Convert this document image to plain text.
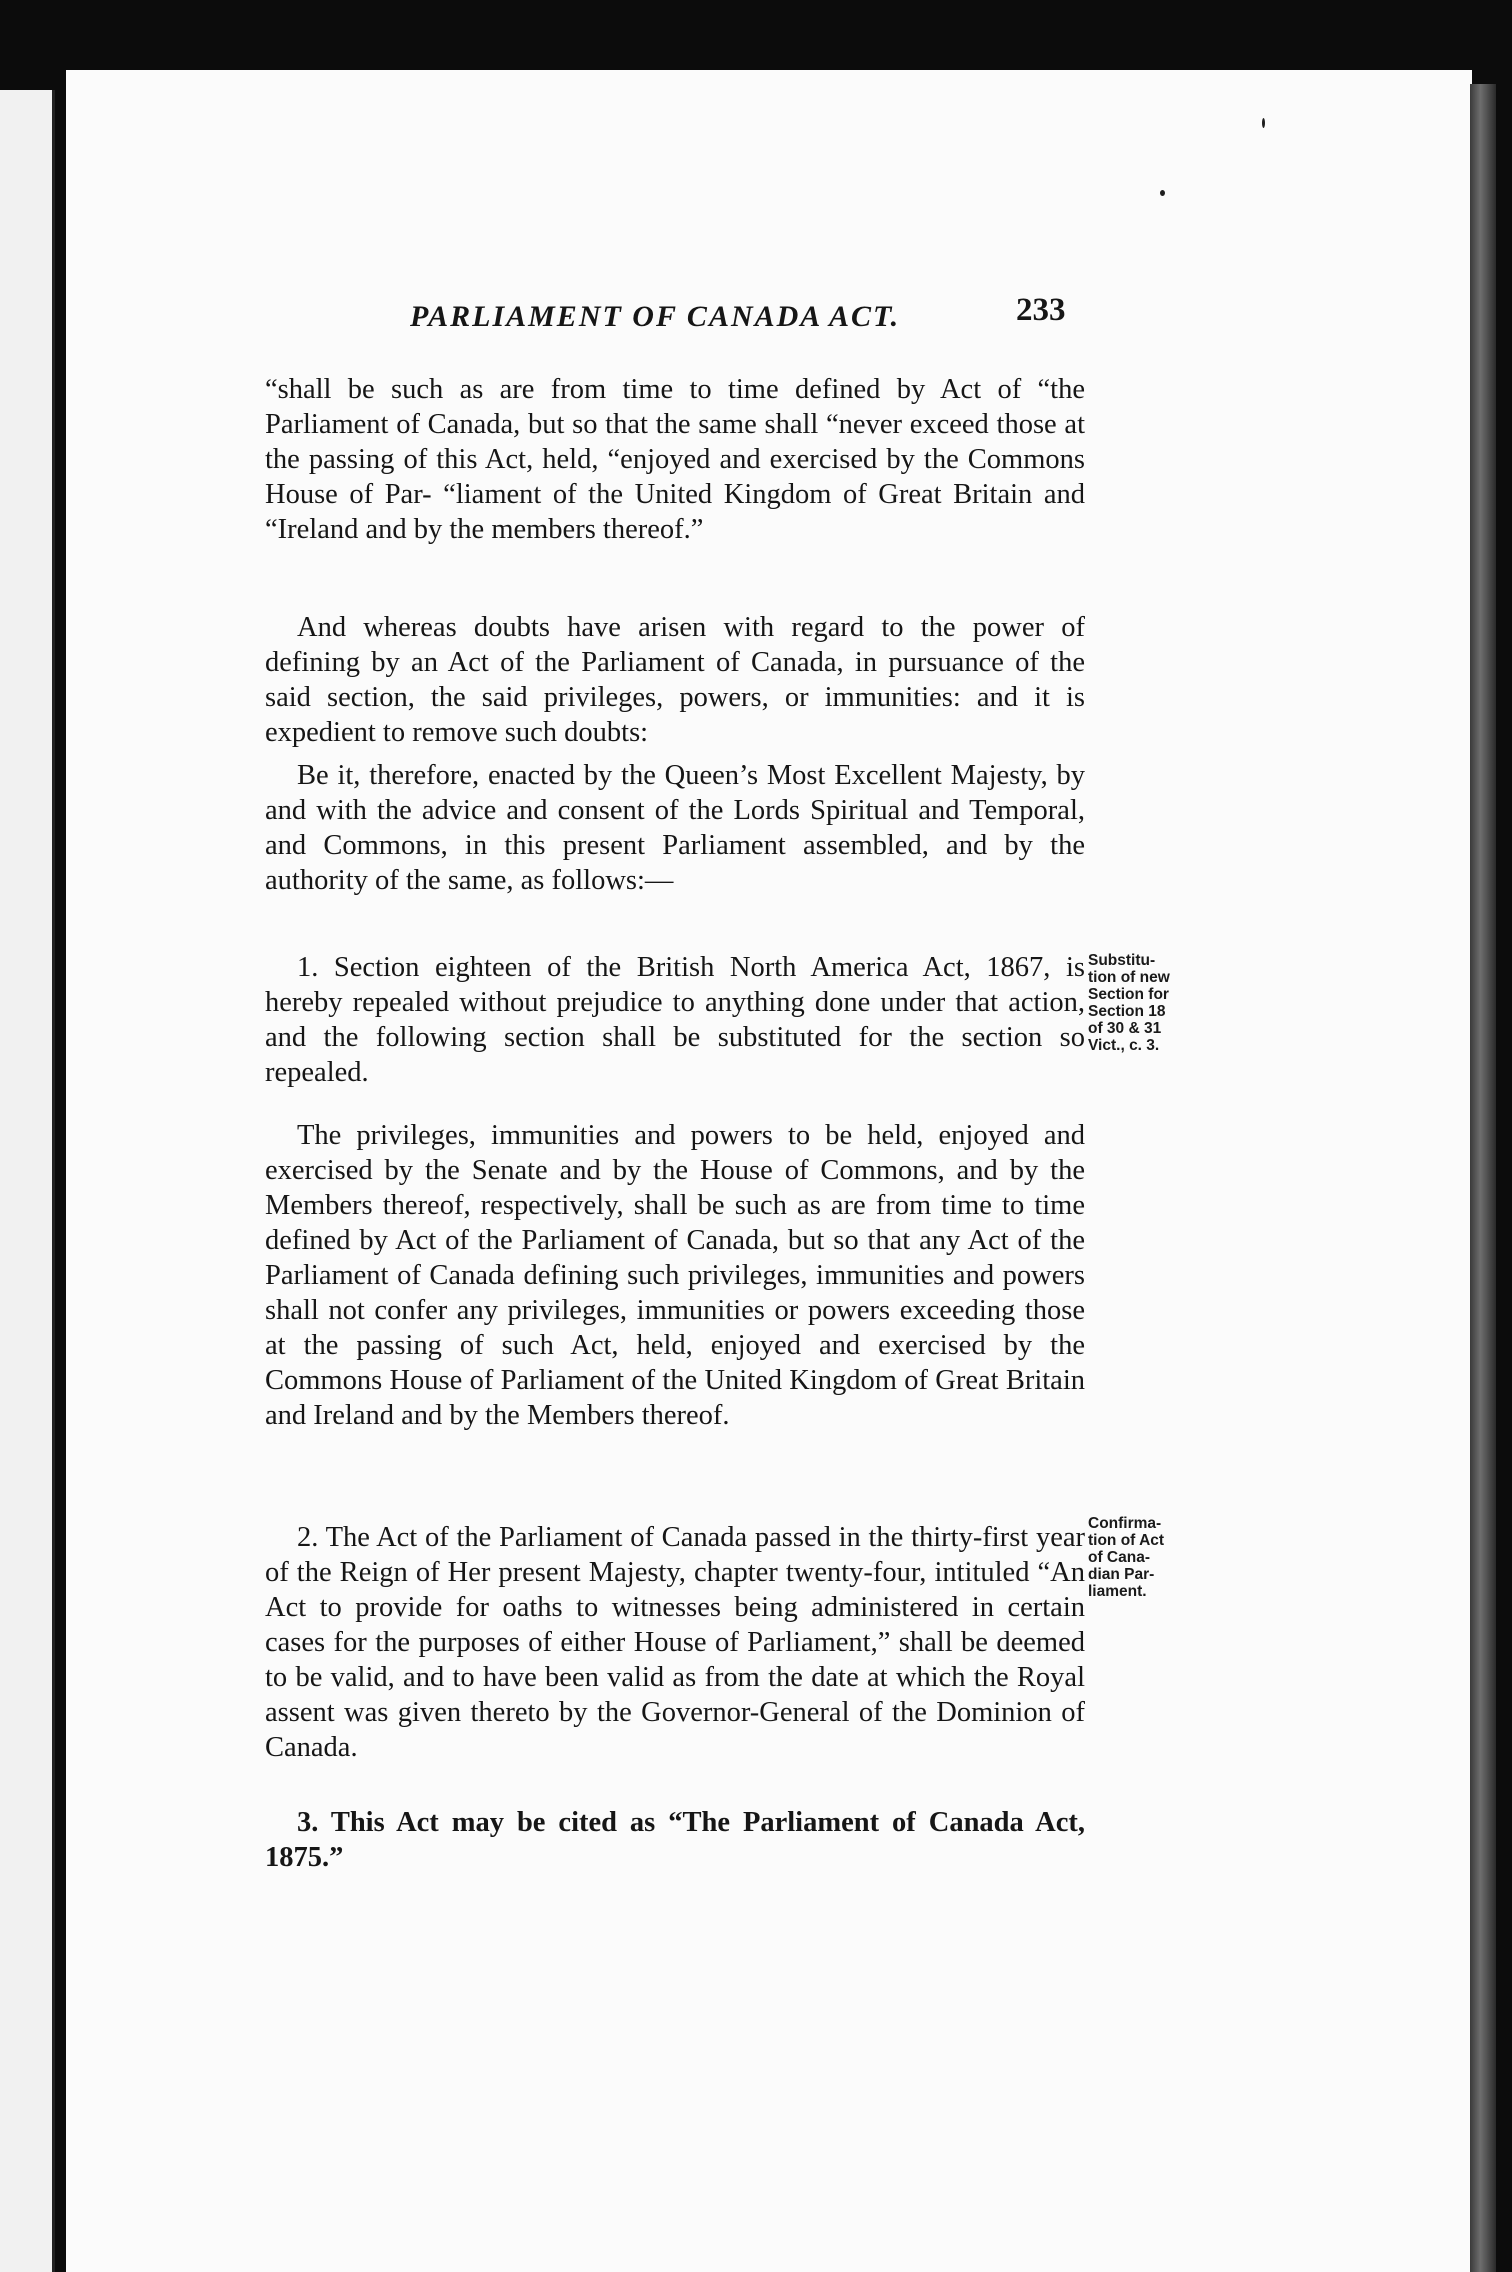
PARLIAMENT OF CANADA ACT.	233

“shall be such as are from time to time defined by Act of “the Parliament of Canada, but so that the same shall “never exceed those at the passing of this Act, held, “enjoyed and exercised by the Commons House of Par- “liament of the United Kingdom of Great Britain and “Ireland and by the members thereof.”

And whereas doubts have arisen with regard to the power of defining by an Act of the Parliament of Canada, in pursuance of the said section, the said privileges, powers, or immunities: and it is expedient to remove such doubts:

Be it, therefore, enacted by the Queen’s Most Excellent Majesty, by and with the advice and consent of the Lords Spiritual and Temporal, and Commons, in this present Parliament assembled, and by the authority of the same, as follows:—

1. Section eighteen of the British North America Act, 1867, is hereby repealed without prejudice to anything done under that action, and the following section shall be substituted for the section so repealed.

The privileges, immunities and powers to be held, enjoyed and exercised by the Senate and by the House of Commons, and by the Members thereof, respectively, shall be such as are from time to time defined by Act of the Parliament of Canada, but so that any Act of the Parliament of Canada defining such privileges, immunities and powers shall not confer any privileges, immunities or powers exceeding those at the passing of such Act, held, enjoyed and exercised by the Commons House of Parliament of the United Kingdom of Great Britain and Ireland and by the Members thereof.

2. The Act of the Parliament of Canada passed in the thirty-first year of the Reign of Her present Majesty, chapter twenty-four, intituled “An Act to provide for oaths to witnesses being administered in certain cases for the purposes of either House of Parliament,” shall be deemed to be valid, and to have been valid as from the date at which the Royal assent was given thereto by the Governor-General of the Dominion of Canada.

3. This Act may be cited as “The Parliament of Canada Act, 1875.”

Substitu-
tion of new
Section for
Section 18
of 30 & 31
Vict., c. 3.
Confirma-
tion of Act
of Cana-
dian Par-
liament.
